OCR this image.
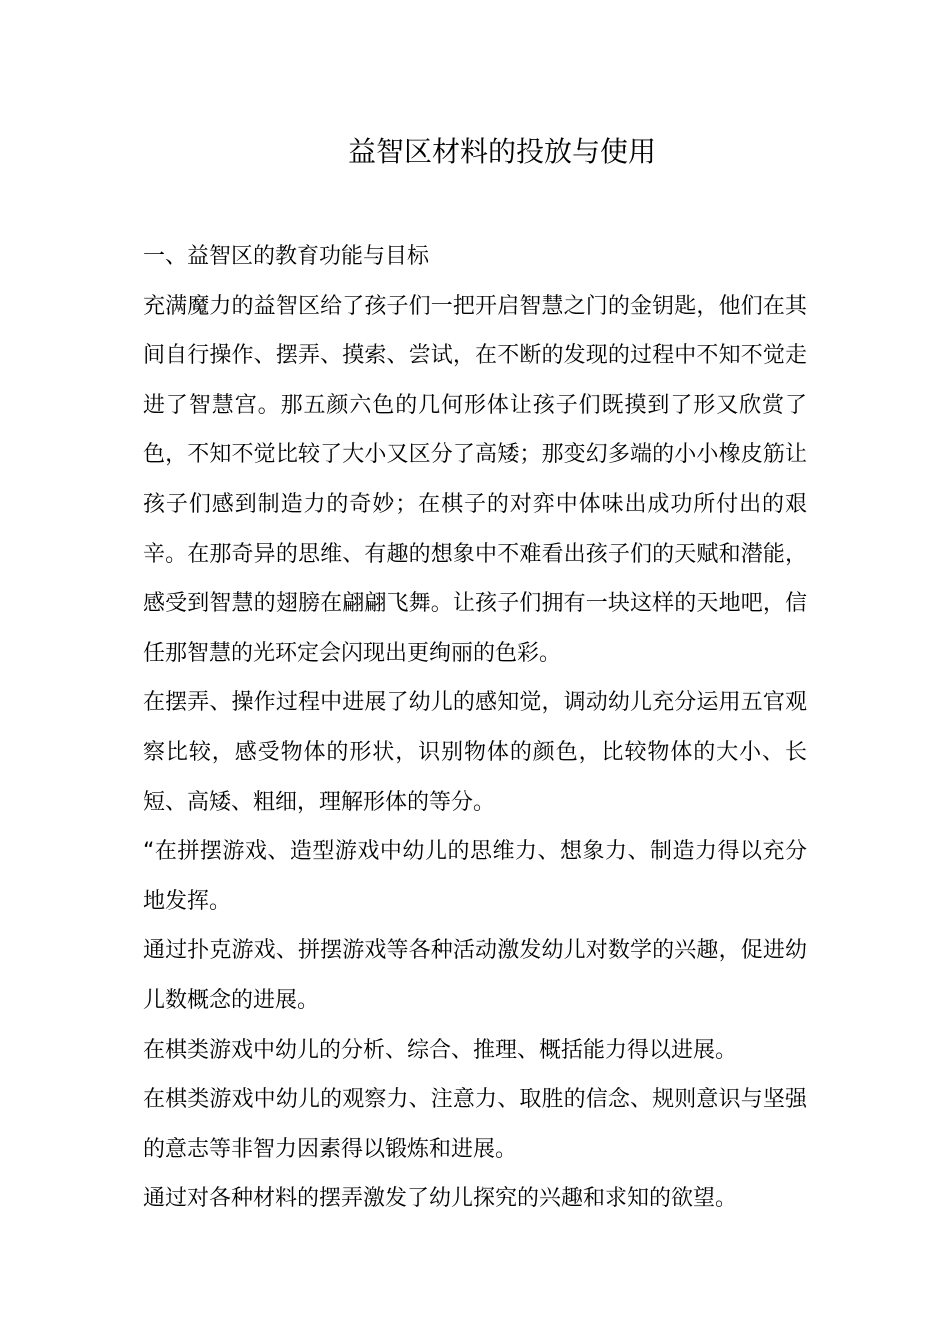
益智区材料的投放与使用

一、益智区的教育功能与目标

充满魔力的益智区给了孩子们一把开启智慧之门的金钥匙，他们在其间自行操作、摆弄、摸索、尝试，在不断的发现的过程中不知不觉走进了智慧宫。那五颜六色的几何形体让孩子们既摸到了形又欣赏了色，不知不觉比较了大小又区分了高矮；那变幻多端的小小橡皮筋让孩子们感到制造力的奇妙；在棋子的对弈中体味出成功所付出的艰辛。在那奇异的思维、有趣的想象中不难看出孩子们的天赋和潜能，感受到智慧的翅膀在翩翩飞舞。让孩子们拥有一块这样的天地吧，信任那智慧的光环定会闪现出更绚丽的色彩。

在摆弄、操作过程中进展了幼儿的感知觉，调动幼儿充分运用五官观察比较，感受物体的形状，识别物体的颜色，比较物体的大小、长短、高矮、粗细，理解形体的等分。

“在拼摆游戏、造型游戏中幼儿的思维力、想象力、制造力得以充分地发挥。

通过扑克游戏、拼摆游戏等各种活动激发幼儿对数学的兴趣，促进幼儿数概念的进展。

在棋类游戏中幼儿的分析、综合、推理、概括能力得以进展。

在棋类游戏中幼儿的观察力、注意力、取胜的信念、规则意识与坚强的意志等非智力因素得以锻炼和进展。

通过对各种材料的摆弄激发了幼儿探究的兴趣和求知的欲望。
